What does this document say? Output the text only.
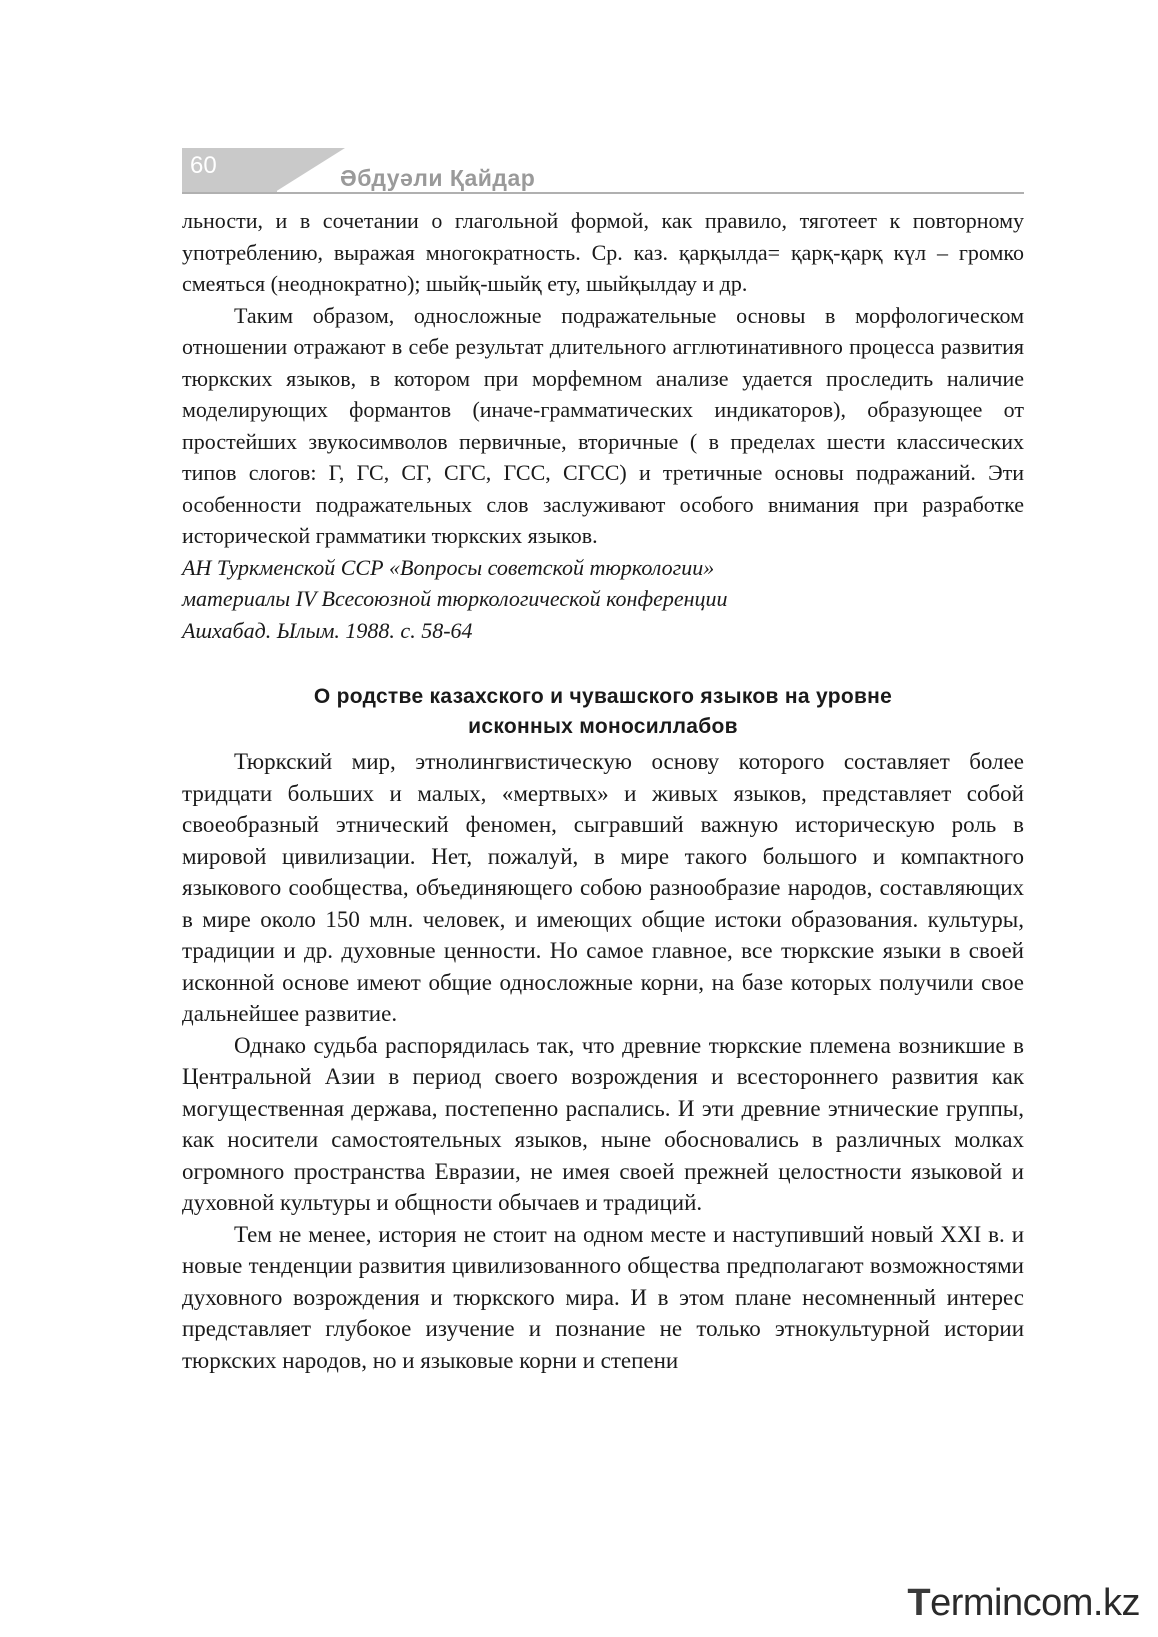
60	Әбдуәли Қайдар

льности, и в сочетании о глагольной формой, как правило, тяготеет к повторному употреблению, выражая многократность. Ср. каз. қарқылда= қарқ-қарқ күл – громко смеяться (неоднократно); шыйқ-шыйқ ету, шыйқылдау и др.

Таким образом, односложные подражательные основы в морфологическом отношении отражают в себе результат длительного агглютинативного процесса развития тюркских языков, в котором при морфемном анализе удается проследить наличие моделирующих формантов (иначе-грамматических индикаторов), образующее от простейших звукосимволов первичные, вторичные ( в пределах шести классических типов слогов: Г, ГС, СГ, СГС, ГСС, СГСС) и третичные основы подражаний. Эти особенности подражательных слов заслуживают особого внимания при разработке исторической грамматики тюркских языков.

АН Туркменской ССР «Вопросы советской тюркологии»

материалы IV Всесоюзной тюркологической конференции

Ашхабад. Ылым. 1988. с. 58-64

О родстве казахского и чувашского языков на уровне
исконных моносиллабов

Тюркский мир, этнолингвистическую основу которого составляет более тридцати больших и малых, «мертвых» и живых языков, представляет собой своеобразный этнический феномен, сыгравший важную историческую роль в мировой цивилизации. Нет, пожалуй, в мире такого большого и компактного языкового сообщества, объединяющего собою разнообразие народов, составляющих в мире около 150 млн. человек, и имеющих общие истоки образования. культуры, традиции и др. духовные ценности. Но самое главное, все тюркские языки в своей исконной основе имеют общие односложные корни, на базе которых получили свое дальнейшее развитие.

Однако судьба распорядилась так, что древние тюркские племена возникшие в Центральной Азии в период своего возрождения и всестороннего развития как могущественная держава, постепенно распались. И эти древние этнические группы, как носители самостоятельных языков, ныне обосновались в различных молках огромного пространства Евразии, не имея своей прежней целостности языковой и духовной культуры и общности обычаев и традиций.

Тем не менее, история не стоит на одном месте и наступивший новый XXI в. и новые тенденции развития цивилизованного общества предполагают возможностями духовного возрождения и тюркского мира. И в этом плане несомненный интерес представляет глубокое изучение и познание не только этнокультурной истории тюркских народов, но и языковые корни и степени

Termincom.kz
